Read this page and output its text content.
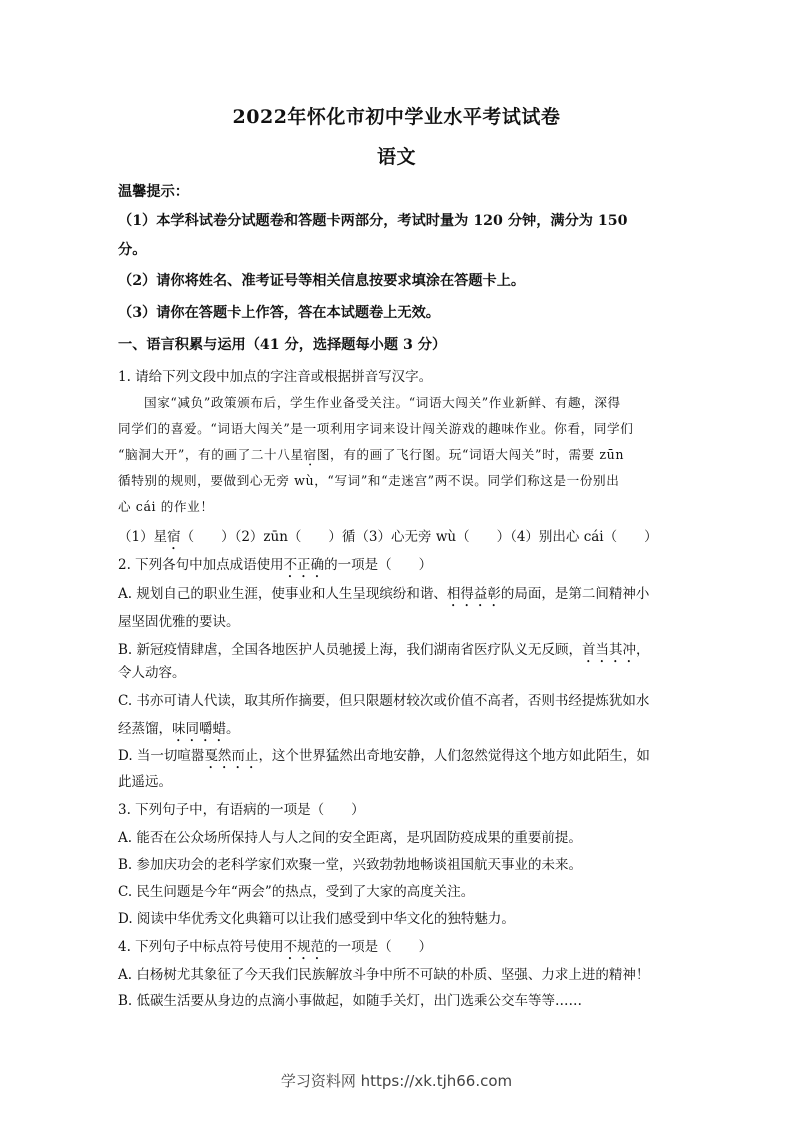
2022年怀化市初中学业水平考试试卷
语文
温馨提示：
（1）本学科试卷分试题卷和答题卡两部分，考试时量为 120 分钟，满分为 150
分。
（2）请你将姓名、准考证号等相关信息按要求填涂在答题卡上。
（3）请你在答题卡上作答，答在本试题卷上无效。
一、语言积累与运用（41 分，选择题每小题 3 分）
1. 请给下列文段中加点的字注音或根据拼音写汉字。
国家“减负”政策颁布后，学生作业备受关注。“词语大闯关”作业新鲜、有趣，深得
同学们的喜爱。“词语大闯关”是一项利用字词来设计闯关游戏的趣味作业。你看，同学们
“脑洞大开”，有的画了二十八星宿图，有的画了飞行图。玩“词语大闯关”时，需要 zūn
循特别的规则，要做到心无旁 wù，“写词”和“走迷宫”两不误。同学们称这是一份别出
心 cái 的作业！
（1）星宿（　　）（2）zūn（　　）循（3）心无旁 wù（　　）（4）别出心 cái（　　）
2. 下列各句中加点成语使用不正确的一项是（　　）
A. 规划自己的职业生涯，使事业和人生呈现缤纷和谐、相得益彰的局面，是第二间精神小
屋坚固优雅的要诀。
B. 新冠疫情肆虐，全国各地医护人员驰援上海，我们湖南省医疗队义无反顾，首当其冲，
令人动容。
C. 书亦可请人代读，取其所作摘要，但只限题材较次或价值不高者，否则书经提炼犹如水
经蒸馏，味同嚼蜡。
D. 当一切喧嚣戛然而止，这个世界猛然出奇地安静，人们忽然觉得这个地方如此陌生，如
此遥远。
3. 下列句子中，有语病的一项是（　　）
A. 能否在公众场所保持人与人之间的安全距离，是巩固防疫成果的重要前提。
B. 参加庆功会的老科学家们欢聚一堂，兴致勃勃地畅谈祖国航天事业的未来。
C. 民生问题是今年“两会”的热点，受到了大家的高度关注。
D. 阅读中华优秀文化典籍可以让我们感受到中华文化的独特魅力。
4. 下列句子中标点符号使用不规范的一项是（　　）
A. 白杨树尤其象征了今天我们民族解放斗争中所不可缺的朴质、坚强、力求上进的精神！
B. 低碳生活要从身边的点滴小事做起，如随手关灯，出门选乘公交车等等……
学习资料网 https://xk.tjh66.com
